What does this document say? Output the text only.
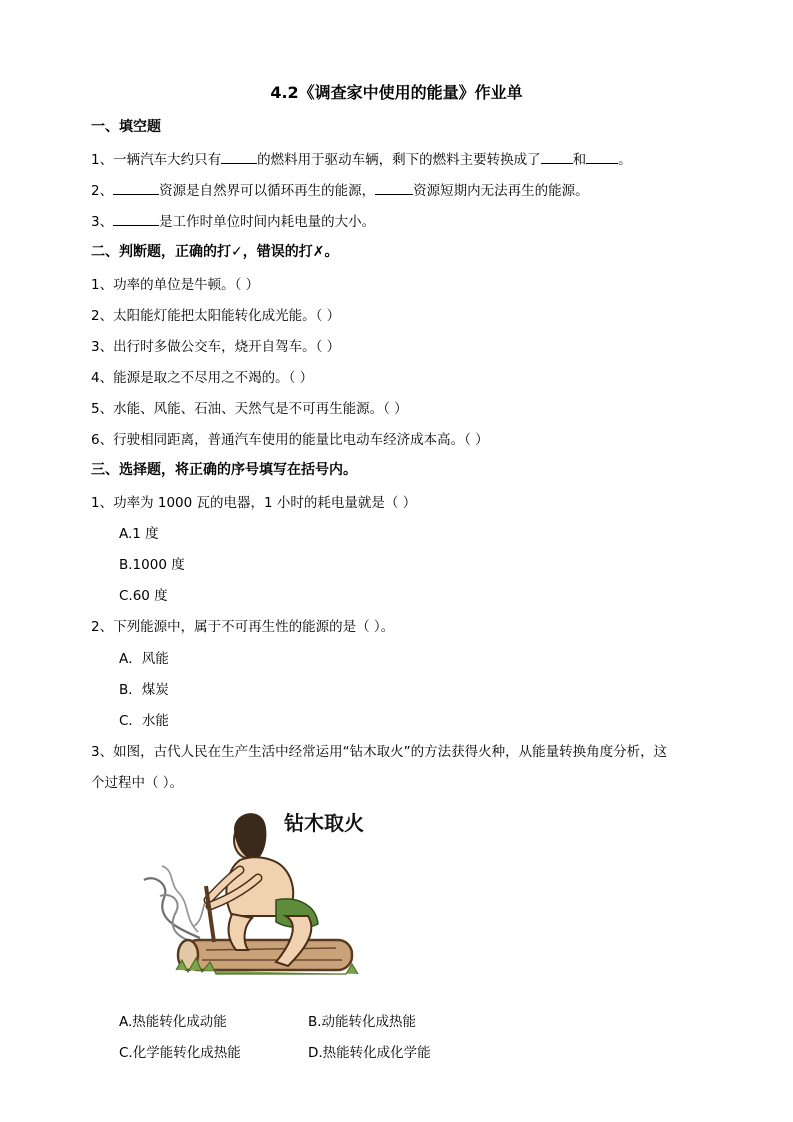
4.2《调查家中使用的能量》作业单
一、填空题
1、一辆汽车大约只有	的燃料用于驱动车辆，剩下的燃料主要转换成了 和 。
2、	资源是自然界可以循环再生的能源，	资源短期内无法再生的能源。
3、	是工作时单位时间内耗电量的大小。
二、判断题，正确的打✓，错误的打✗。
1、功率的单位是牛顿。（ ）
2、太阳能灯能把太阳能转化成光能。（ ）
3、出行时多做公交车，烧开自驾车。（ ）
4、能源是取之不尽用之不竭的。（ ）
5、水能、风能、石油、天然气是不可再生能源。（ ）
6、行驶相同距离，普通汽车使用的能量比电动车经济成本高。（ ）
三、选择题，将正确的序号填写在括号内。
1、功率为 1000 瓦的电器，1 小时的耗电量就是（ ）
A.1 度
B.1000 度
C.60 度
2、下列能源中，属于不可再生性的能源的是（ ）。
A．风能
B．煤炭
C．水能
3、如图，古代人民在生产生活中经常运用“钻木取火”的方法获得火种，从能量转换角度分析，这
个过程中（ ）。
钻木取火
A.热能转化成动能	B.动能转化成热能
C.化学能转化成热能	D.热能转化成化学能
